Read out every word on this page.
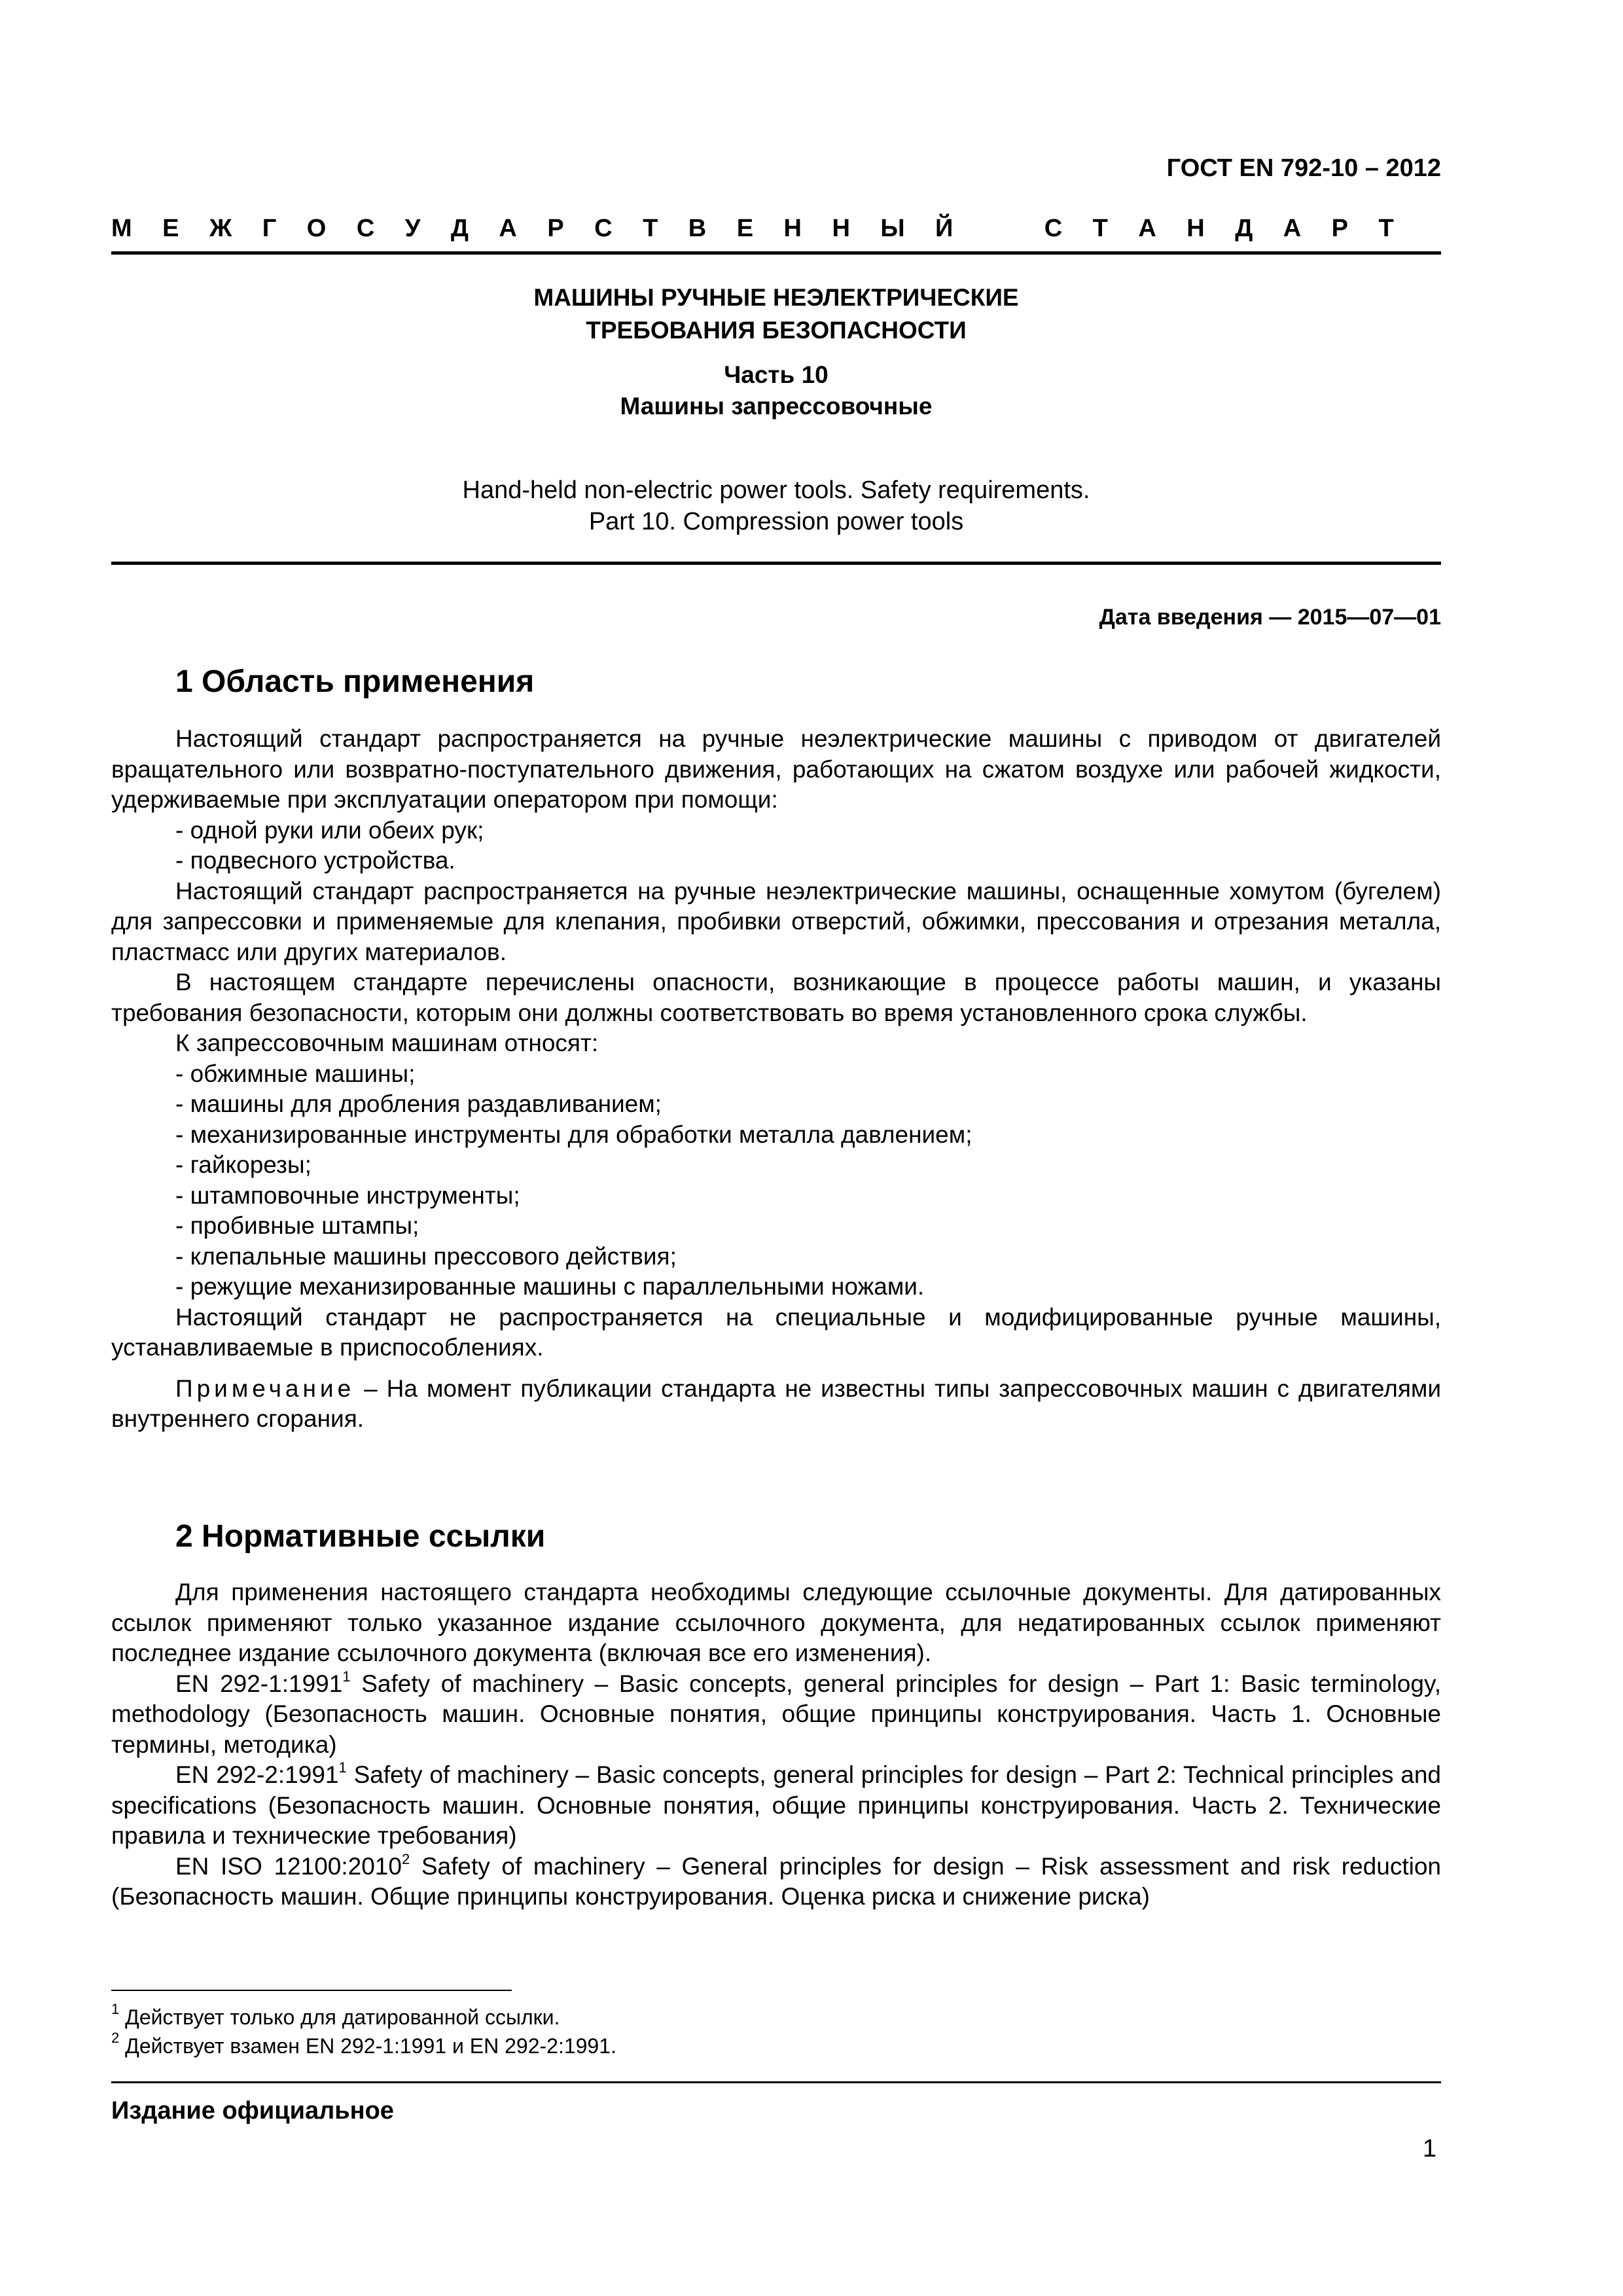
ГОСТ EN 792-10 – 2012
М Е Ж Г О С У Д А Р С Т В Е Н Н Ы Й	С Т А Н Д А Р Т
МАШИНЫ РУЧНЫЕ НЕЭЛЕКТРИЧЕСКИЕ
ТРЕБОВАНИЯ БЕЗОПАСНОСТИ
Часть 10
Машины запрессовочные
Hand-held non-electric power tools. Safety requirements.
Part 10. Compression power tools
Дата введения — 2015—07—01
1 Область применения

Настоящий стандарт распространяется на ручные неэлектрические машины с приводом от двигателей вращательного или возвратно-поступательного движения, работающих на сжатом воздухе или рабочей жидкости, удерживаемые при эксплуатации оператором при помощи:

- одной руки или обеих рук;

- подвесного устройства.

Настоящий стандарт распространяется на ручные неэлектрические машины, оснащенные хомутом (бугелем) для запрессовки и применяемые для клепания, пробивки отверстий, обжимки, прессования и отрезания металла, пластмасс или других материалов.

В настоящем стандарте перечислены опасности, возникающие в процессе работы машин, и указаны требования безопасности, которым они должны соответствовать во время установленного срока службы.

К запрессовочным машинам относят:

- обжимные машины;

- машины для дробления раздавливанием;

- механизированные инструменты для обработки металла давлением;

- гайкорезы;

- штамповочные инструменты;

- пробивные штампы;

- клепальные машины прессового действия;

- режущие механизированные машины с параллельными ножами.

Настоящий стандарт не распространяется на специальные и модифицированные ручные машины, устанавливаемые в приспособлениях.

Примечание – На момент публикации стандарта не известны типы запрессовочных машин с двигателями внутреннего сгорания.

2 Нормативные ссылки

Для применения настоящего стандарта необходимы следующие ссылочные документы. Для датированных ссылок применяют только указанное издание ссылочного документа, для недатированных ссылок применяют последнее издание ссылочного документа (включая все его изменения).

EN 292-1:1991$^1$ Safety of machinery – Basic concepts, general principles for design – Part 1: Basic terminology, methodology (Безопасность машин. Основные понятия, общие принципы конструирования. Часть 1. Основные термины, методика)

EN 292-2:1991$^1$ Safety of machinery – Basic concepts, general principles for design – Part 2: Technical principles and specifications (Безопасность машин. Основные понятия, общие принципы конструирования. Часть 2. Технические правила и технические требования)

EN ISO 12100:2010$^2$ Safety of machinery – General principles for design – Risk assessment and risk reduction (Безопасность машин. Общие принципы конструирования. Оценка риска и снижение риска)

$^1$ Действует только для датированной ссылки.
$^2$ Действует взамен EN 292-1:1991 и EN 292-2:1991.
Издание официальное
1
